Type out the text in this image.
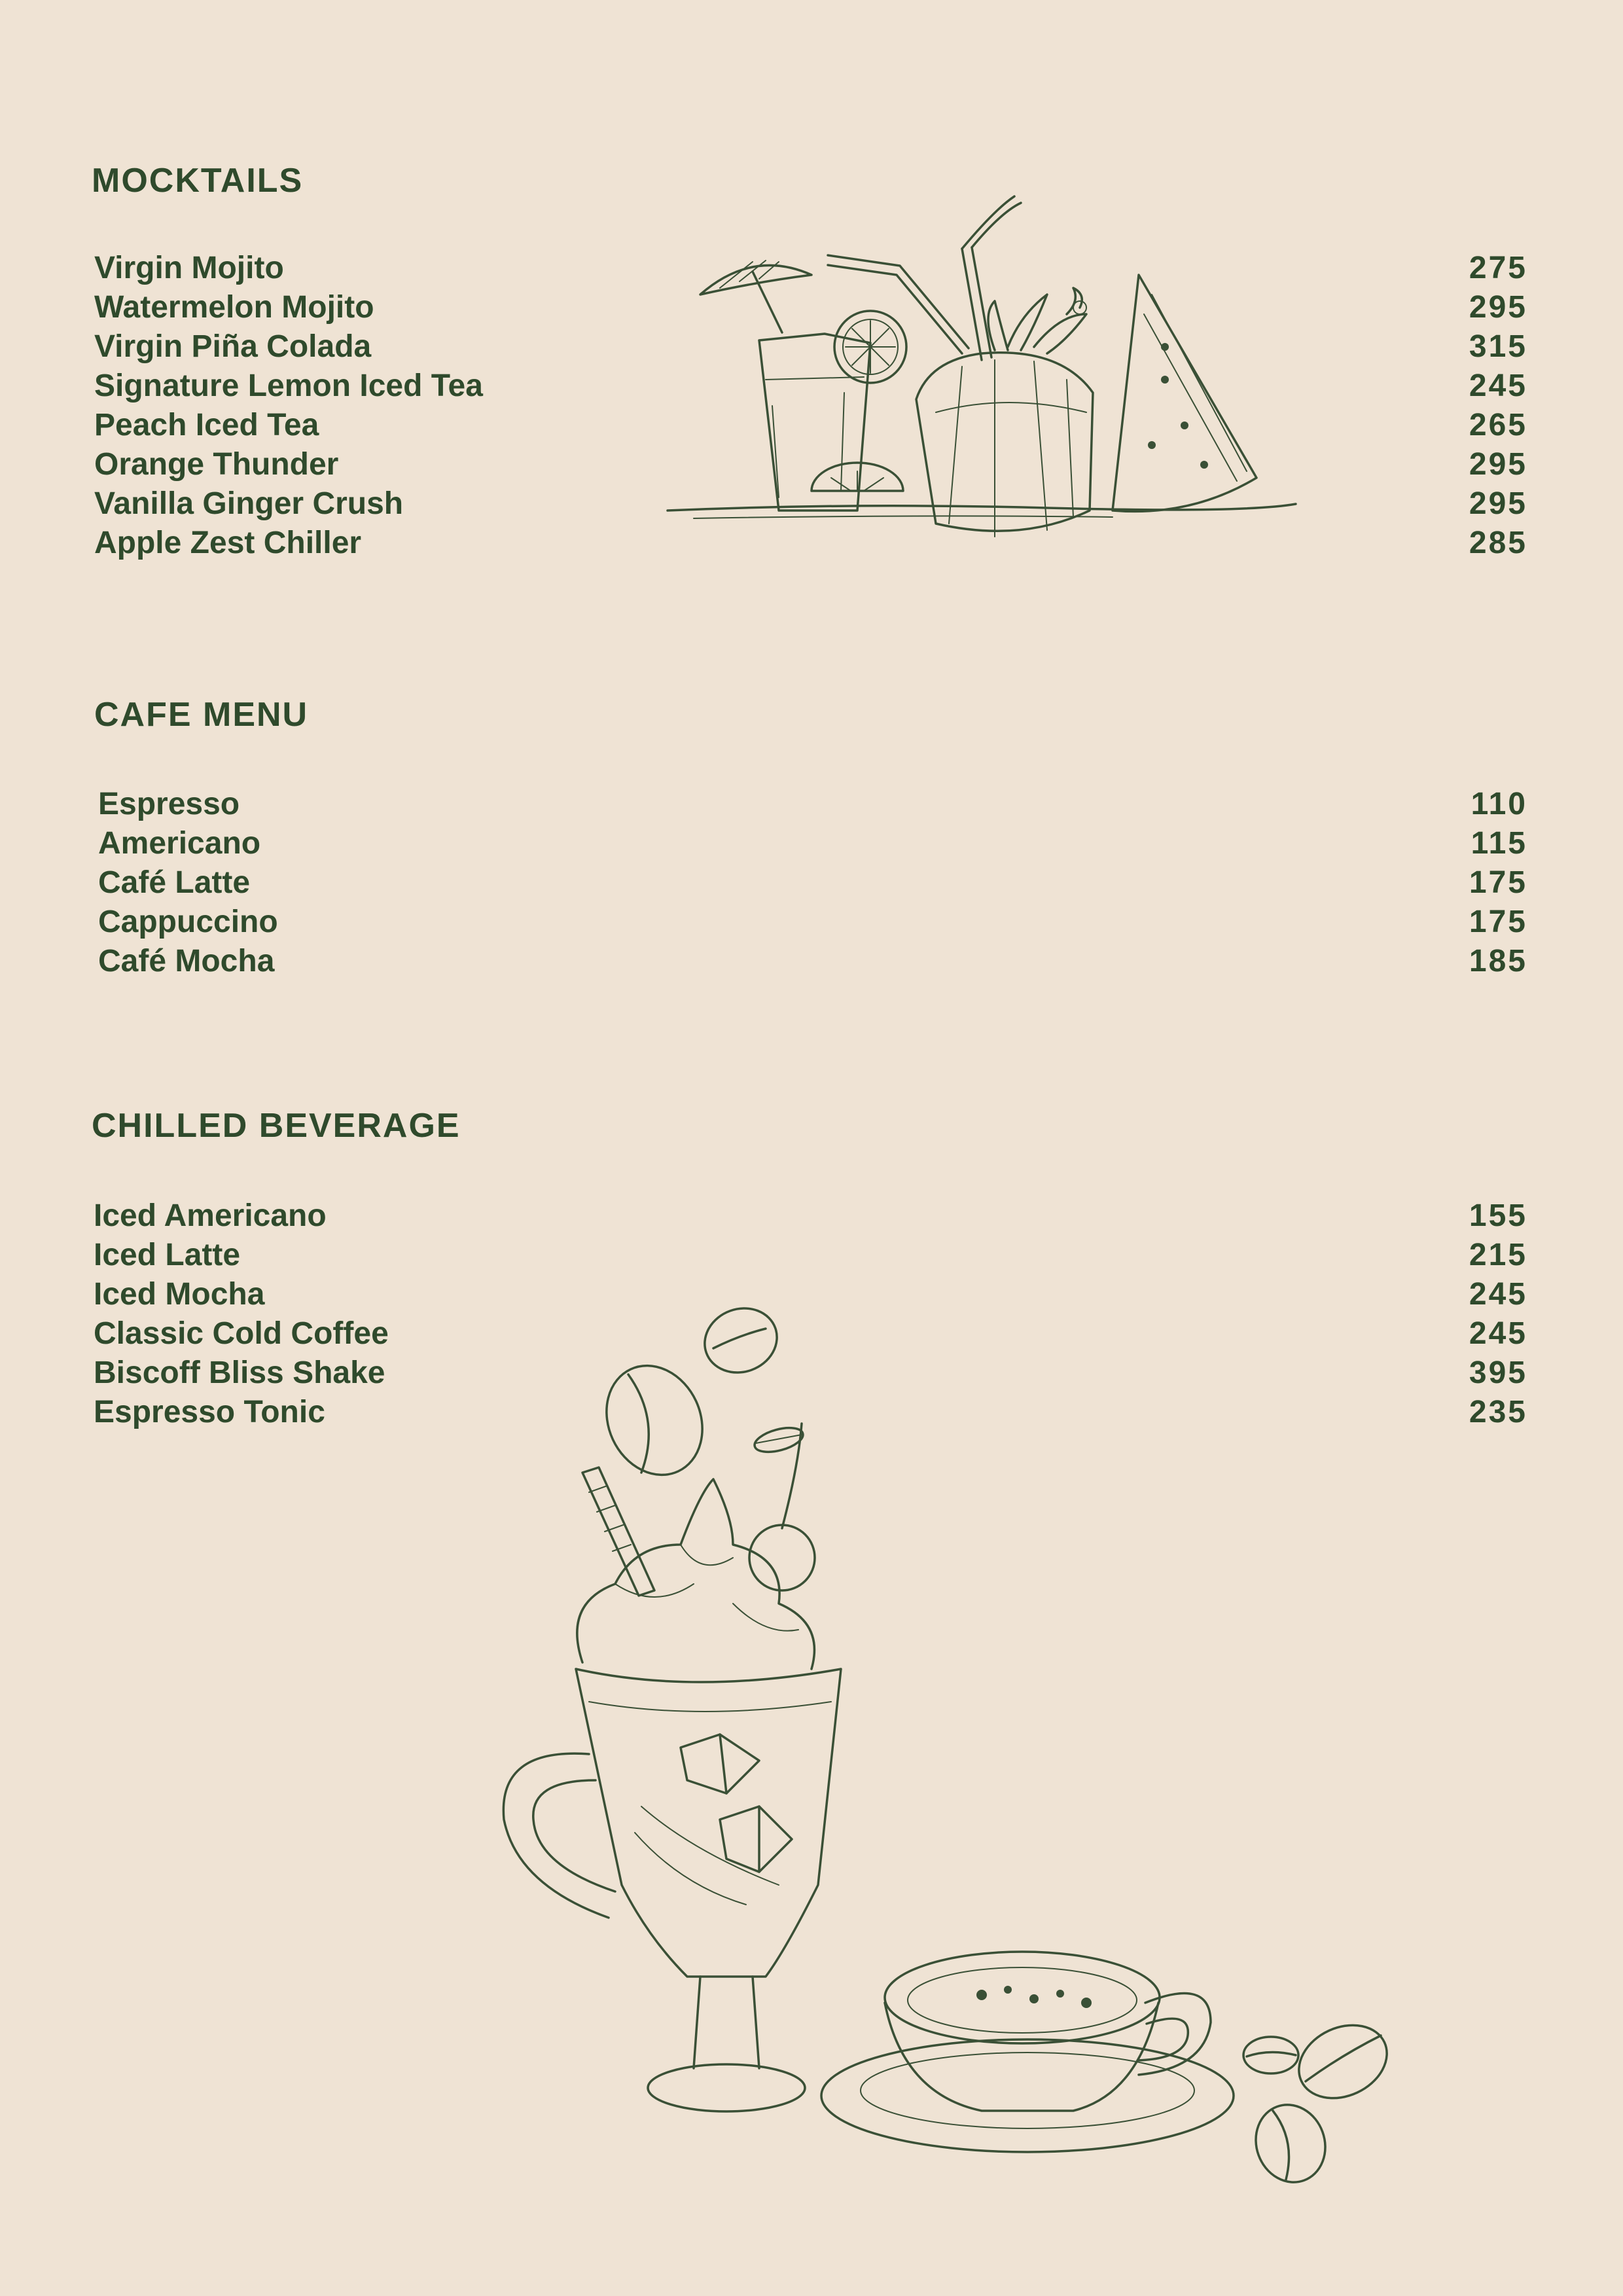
MOCKTAILS
Virgin Mojito	275
Watermelon Mojito	295
Virgin Piña Colada	315
Signature Lemon Iced Tea	245
Peach Iced Tea	265
Orange Thunder	295
Vanilla Ginger Crush	295
Apple Zest Chiller	285
CAFE MENU
Espresso	110
Americano	115
Café Latte	175
Cappuccino	175
Café Mocha	185
CHILLED BEVERAGE
Iced Americano	155
Iced Latte	215
Iced Mocha	245
Classic Cold Coffee	245
Biscoff Bliss Shake	395
Espresso Tonic	235
